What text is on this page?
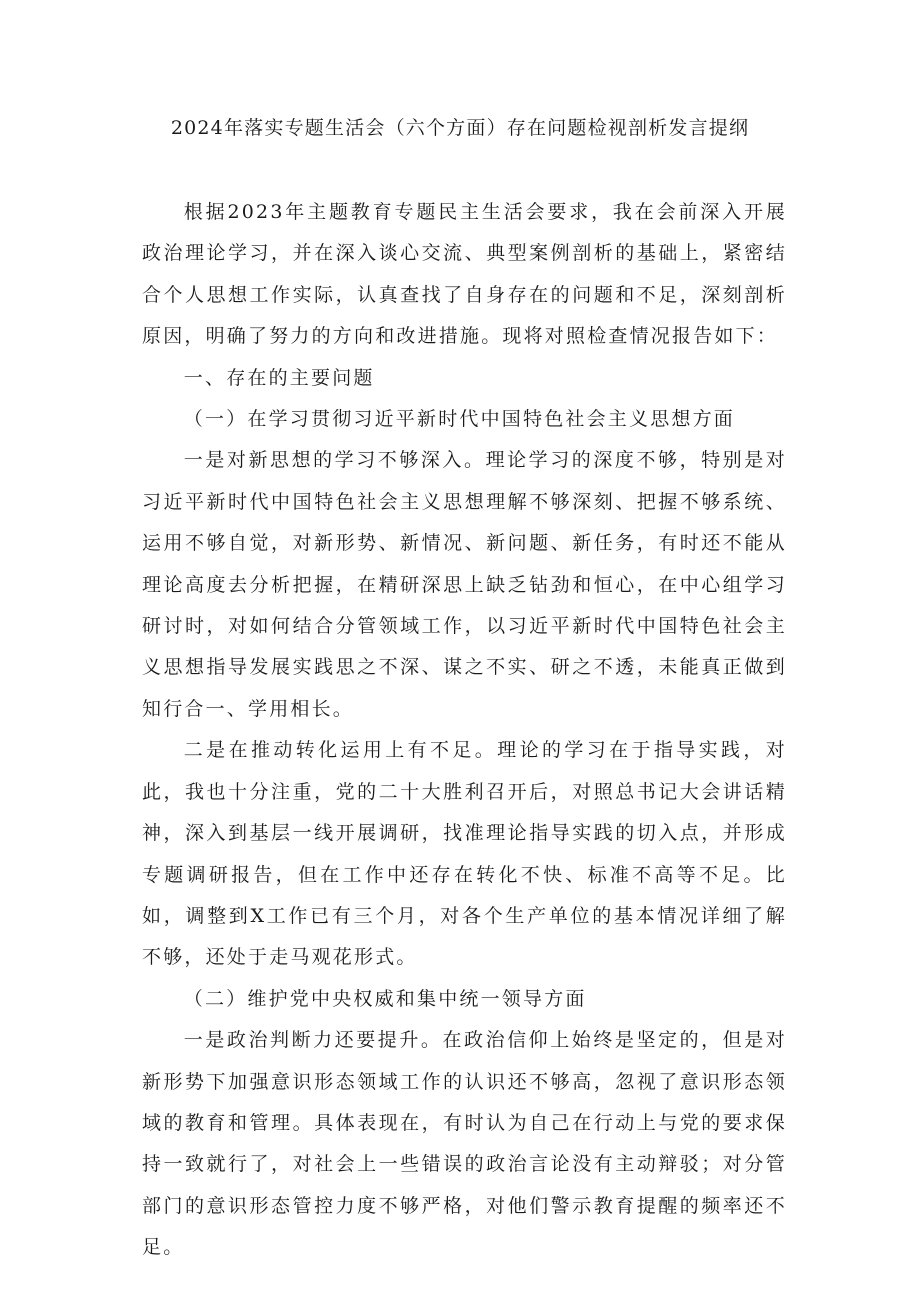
2024年落实专题生活会（六个方面）存在问题检视剖析发言提纲

根据2023年主题教育专题民主生活会要求，我在会前深入开展政治理论学习，并在深入谈心交流、典型案例剖析的基础上，紧密结合个人思想工作实际，认真查找了自身存在的问题和不足，深刻剖析原因，明确了努力的方向和改进措施。现将对照检查情况报告如下：

一、存在的主要问题

（一）在学习贯彻习近平新时代中国特色社会主义思想方面

一是对新思想的学习不够深入。理论学习的深度不够，特别是对习近平新时代中国特色社会主义思想理解不够深刻、把握不够系统、运用不够自觉，对新形势、新情况、新问题、新任务，有时还不能从理论高度去分析把握，在精研深思上缺乏钻劲和恒心，在中心组学习研讨时，对如何结合分管领域工作，以习近平新时代中国特色社会主义思想指导发展实践思之不深、谋之不实、研之不透，未能真正做到知行合一、学用相长。

二是在推动转化运用上有不足。理论的学习在于指导实践，对此，我也十分注重，党的二十大胜利召开后，对照总书记大会讲话精神，深入到基层一线开展调研，找准理论指导实践的切入点，并形成专题调研报告，但在工作中还存在转化不快、标准不高等不足。比如，调整到X工作已有三个月，对各个生产单位的基本情况详细了解不够，还处于走马观花形式。

（二）维护党中央权威和集中统一领导方面

一是政治判断力还要提升。在政治信仰上始终是坚定的，但是对新形势下加强意识形态领域工作的认识还不够高，忽视了意识形态领域的教育和管理。具体表现在，有时认为自己在行动上与党的要求保持一致就行了，对社会上一些错误的政治言论没有主动辩驳；对分管部门的意识形态管控力度不够严格，对他们警示教育提醒的频率还不足。
